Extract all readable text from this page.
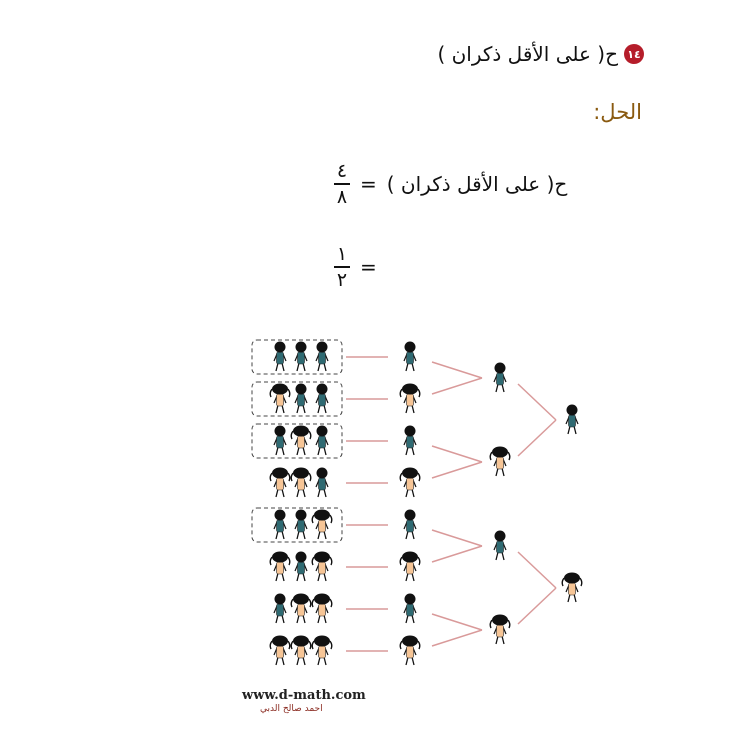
١٤
ح( على الأقل ذكران )
الحل:
$\frac{٤}{٨}$ = ح( على الأقل ذكران )
$\frac{١}{٢}$ =
www.d-math.com
احمد صالح الدبي
